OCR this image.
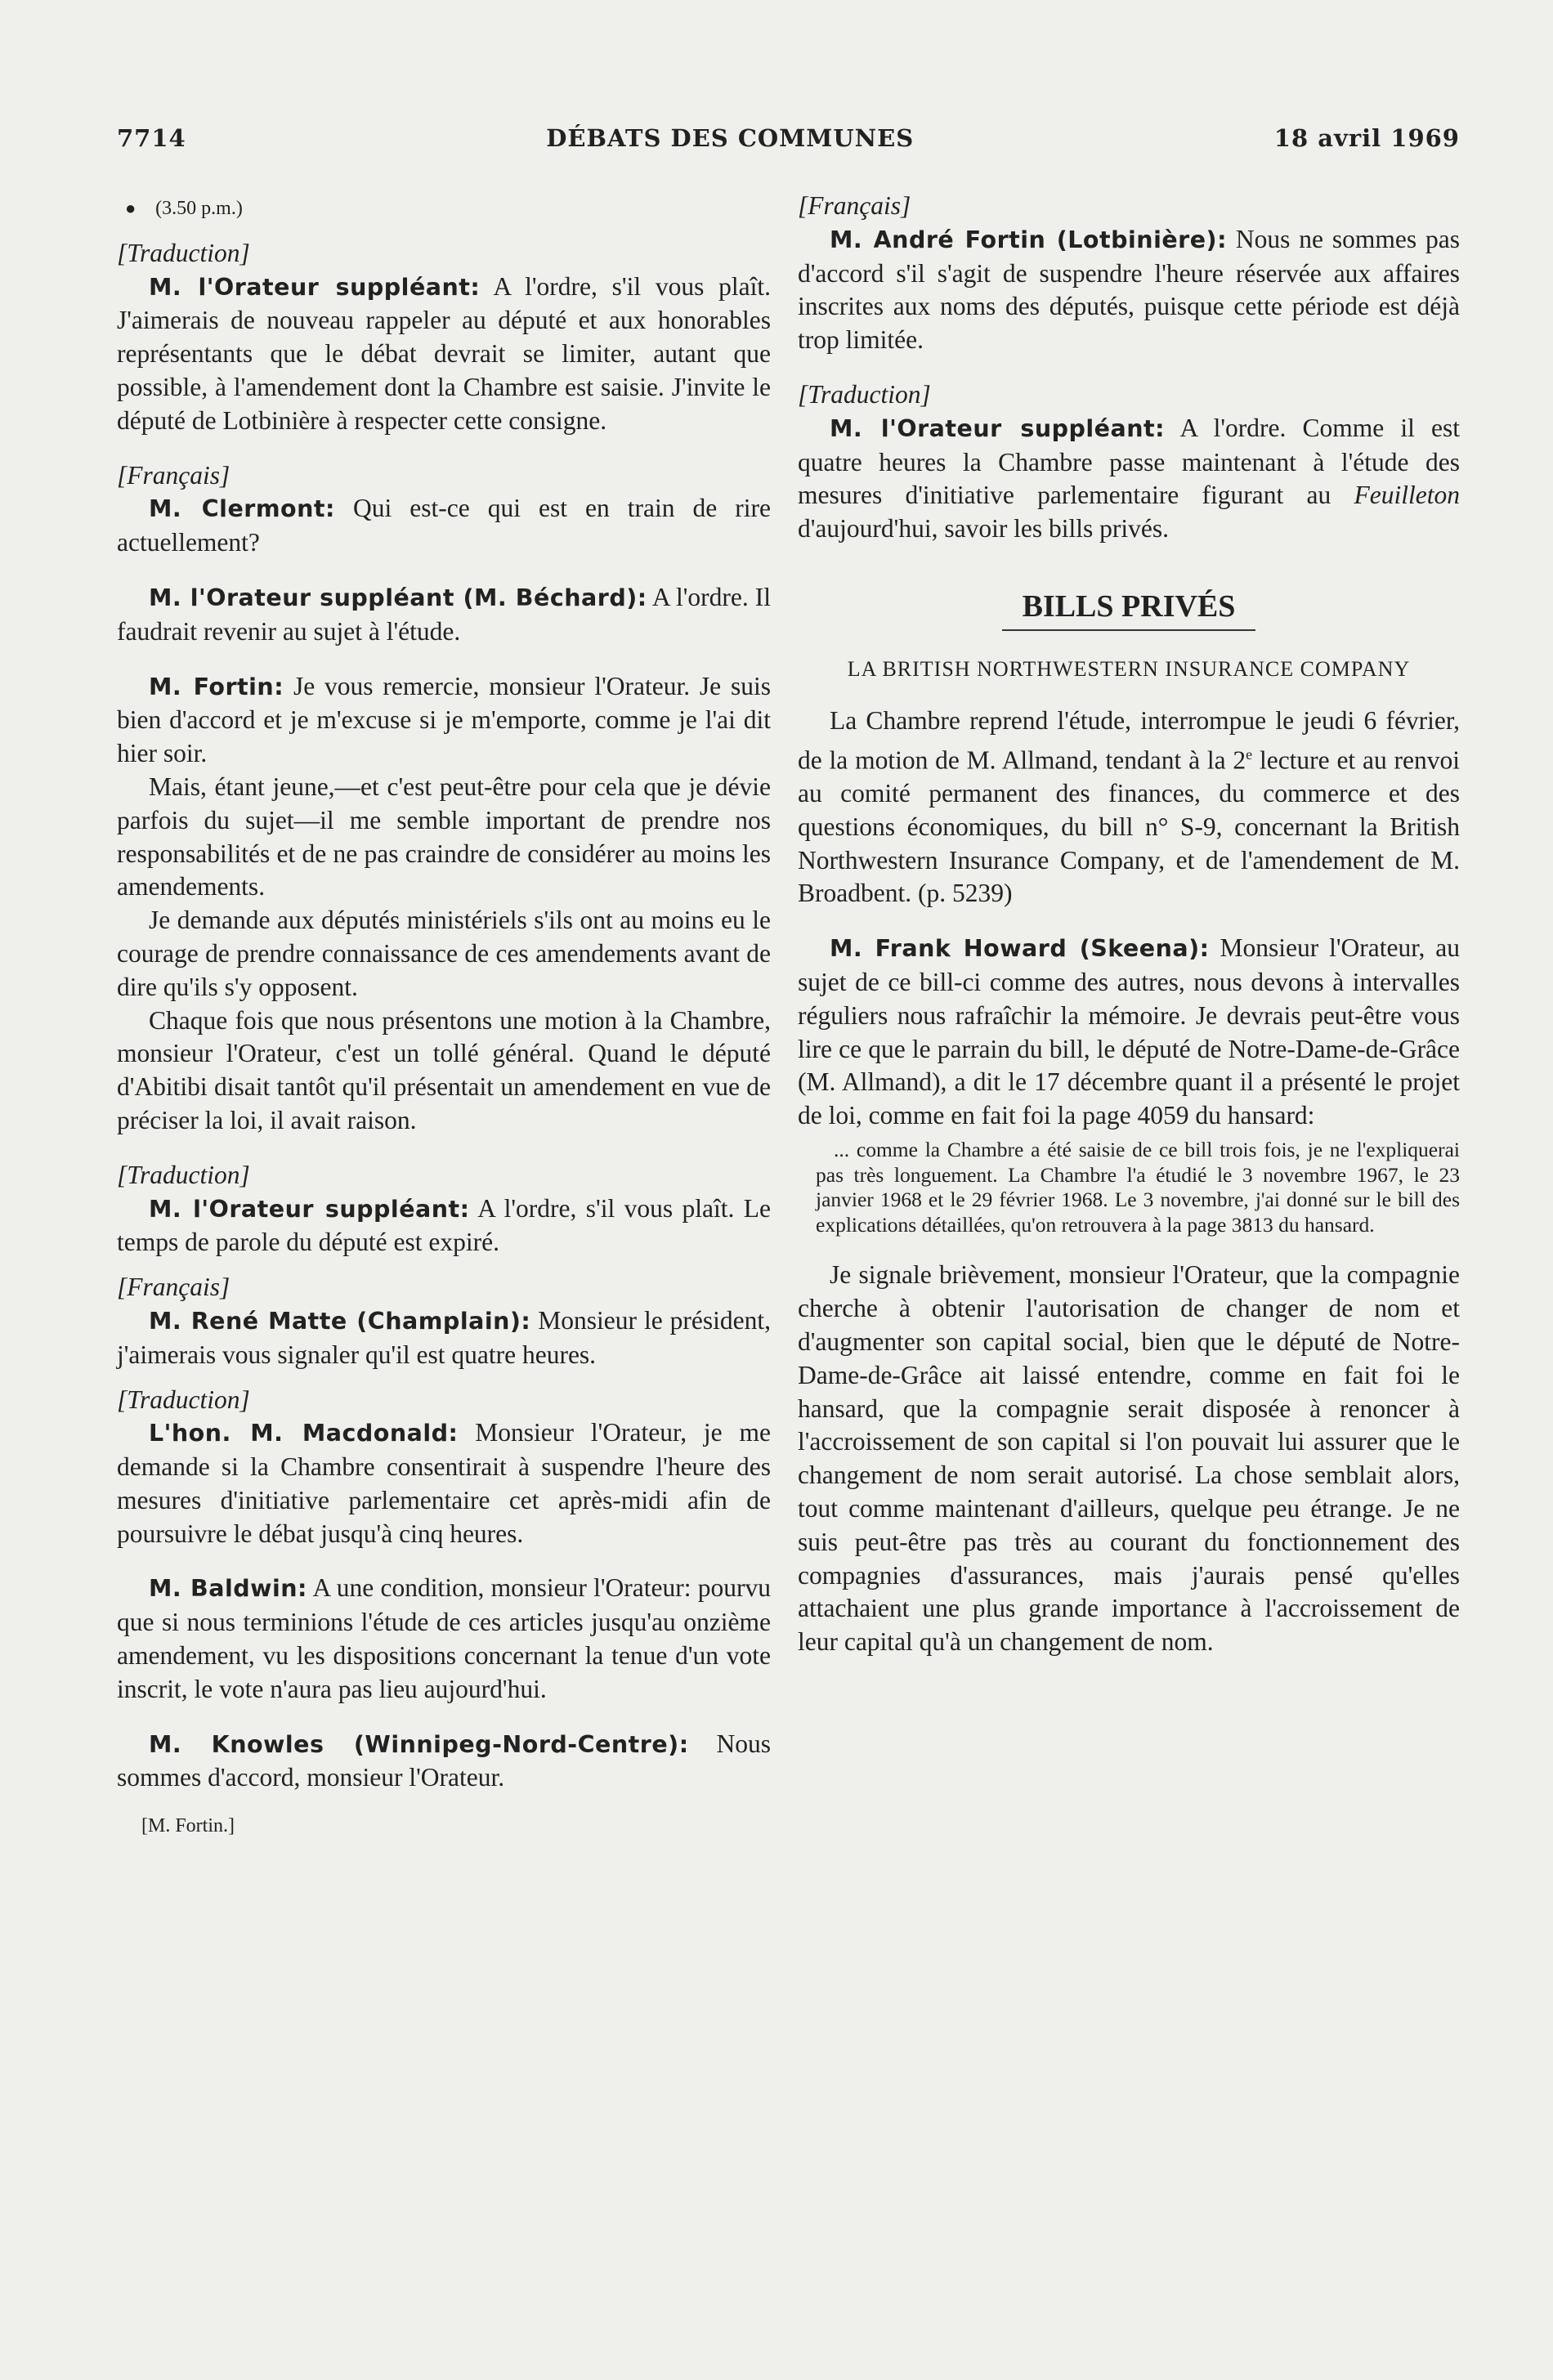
7714	DÉBATS DES COMMUNES	18 avril 1969

● (3.50 p.m.)

[Traduction]

M. l'Orateur suppléant: A l'ordre, s'il vous plaît. J'aimerais de nouveau rappeler au député et aux honorables représentants que le débat devrait se limiter, autant que possible, à l'amendement dont la Chambre est saisie. J'invite le député de Lotbinière à respecter cette consigne.

[Français]

M. Clermont: Qui est-ce qui est en train de rire actuellement?

M. l'Orateur suppléant (M. Béchard): A l'ordre. Il faudrait revenir au sujet à l'étude.

M. Fortin: Je vous remercie, monsieur l'Orateur. Je suis bien d'accord et je m'excuse si je m'emporte, comme je l'ai dit hier soir.

Mais, étant jeune,—et c'est peut-être pour cela que je dévie parfois du sujet—il me semble important de prendre nos responsabilités et de ne pas craindre de considérer au moins les amendements.

Je demande aux députés ministériels s'ils ont au moins eu le courage de prendre connaissance de ces amendements avant de dire qu'ils s'y opposent.

Chaque fois que nous présentons une motion à la Chambre, monsieur l'Orateur, c'est un tollé général. Quand le député d'Abitibi disait tantôt qu'il présentait un amendement en vue de préciser la loi, il avait raison.

[Traduction]

M. l'Orateur suppléant: A l'ordre, s'il vous plaît. Le temps de parole du député est expiré.

[Français]

M. René Matte (Champlain): Monsieur le président, j'aimerais vous signaler qu'il est quatre heures.

[Traduction]

L'hon. M. Macdonald: Monsieur l'Orateur, je me demande si la Chambre consentirait à suspendre l'heure des mesures d'initiative parlementaire cet après-midi afin de poursuivre le débat jusqu'à cinq heures.

M. Baldwin: A une condition, monsieur l'Orateur: pourvu que si nous terminions l'étude de ces articles jusqu'au onzième amendement, vu les dispositions concernant la tenue d'un vote inscrit, le vote n'aura pas lieu aujourd'hui.

M. Knowles (Winnipeg-Nord-Centre): Nous sommes d'accord, monsieur l'Orateur.

[M. Fortin.]

[Français]

M. André Fortin (Lotbinière): Nous ne sommes pas d'accord s'il s'agit de suspendre l'heure réservée aux affaires inscrites aux noms des députés, puisque cette période est déjà trop limitée.

[Traduction]

M. l'Orateur suppléant: A l'ordre. Comme il est quatre heures la Chambre passe maintenant à l'étude des mesures d'initiative parlementaire figurant au Feuilleton d'aujourd'hui, savoir les bills privés.

BILLS PRIVÉS

LA BRITISH NORTHWESTERN INSURANCE COMPANY

La Chambre reprend l'étude, interrompue le jeudi 6 février, de la motion de M. Allmand, tendant à la 2e lecture et au renvoi au comité permanent des finances, du commerce et des questions économiques, du bill n° S-9, concernant la British Northwestern Insurance Company, et de l'amendement de M. Broadbent. (p. 5239)

M. Frank Howard (Skeena): Monsieur l'Orateur, au sujet de ce bill-ci comme des autres, nous devons à intervalles réguliers nous rafraîchir la mémoire. Je devrais peut-être vous lire ce que le parrain du bill, le député de Notre-Dame-de-Grâce (M. Allmand), a dit le 17 décembre quant il a présenté le projet de loi, comme en fait foi la page 4059 du hansard:

... comme la Chambre a été saisie de ce bill trois fois, je ne l'expliquerai pas très longuement. La Chambre l'a étudié le 3 novembre 1967, le 23 janvier 1968 et le 29 février 1968. Le 3 novembre, j'ai donné sur le bill des explications détaillées, qu'on retrouvera à la page 3813 du hansard.

Je signale brièvement, monsieur l'Orateur, que la compagnie cherche à obtenir l'autorisation de changer de nom et d'augmenter son capital social, bien que le député de Notre-Dame-de-Grâce ait laissé entendre, comme en fait foi le hansard, que la compagnie serait disposée à renoncer à l'accroissement de son capital si l'on pouvait lui assurer que le changement de nom serait autorisé. La chose semblait alors, tout comme maintenant d'ailleurs, quelque peu étrange. Je ne suis peut-être pas très au courant du fonctionnement des compagnies d'assurances, mais j'aurais pensé qu'elles attachaient une plus grande importance à l'accroissement de leur capital qu'à un changement de nom.
